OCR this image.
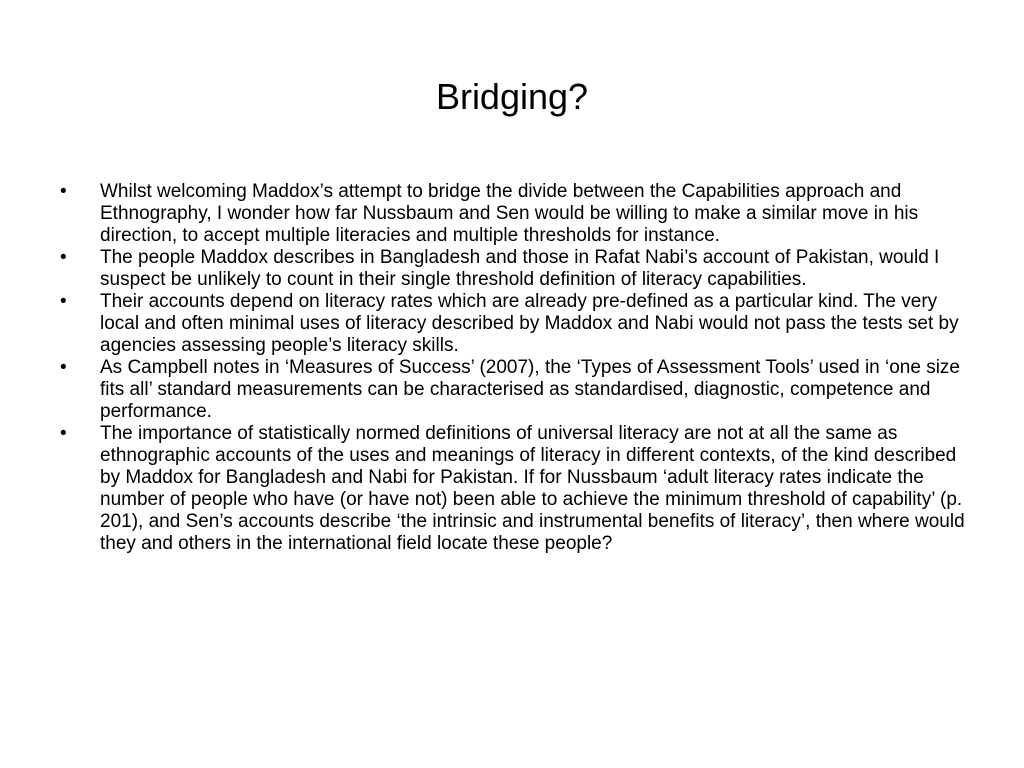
Bridging?
•	Whilst welcoming Maddox’s attempt to bridge the divide between the Capabilities approach and Ethnography, I wonder how far Nussbaum and Sen would be willing to make a similar move in his direction, to accept multiple literacies and multiple thresholds for instance.
•	The people Maddox describes in Bangladesh and those in Rafat Nabi’s account of Pakistan, would I suspect be unlikely to count in their single threshold definition of literacy capabilities.
•	Their accounts depend on literacy rates which are already pre-defined as a particular kind. The very local and often minimal uses of literacy described by Maddox and Nabi would not pass the tests set by agencies assessing people’s literacy skills.
•	As Campbell notes in ‘Measures of Success’ (2007), the ‘Types of Assessment Tools’ used in ‘one size fits all’ standard measurements can be characterised as standardised, diagnostic, competence and performance.
•	The importance of statistically normed definitions of universal literacy are not at all the same as ethnographic accounts of the uses and meanings of literacy in different contexts, of the kind described by Maddox for Bangladesh and Nabi for Pakistan. If for Nussbaum ‘adult literacy rates indicate the number of people who have (or have not) been able to achieve the minimum threshold of capability’ (p. 201), and Sen’s accounts describe ‘the intrinsic and instrumental benefits of literacy’, then where would they and others in the international field locate these people?
